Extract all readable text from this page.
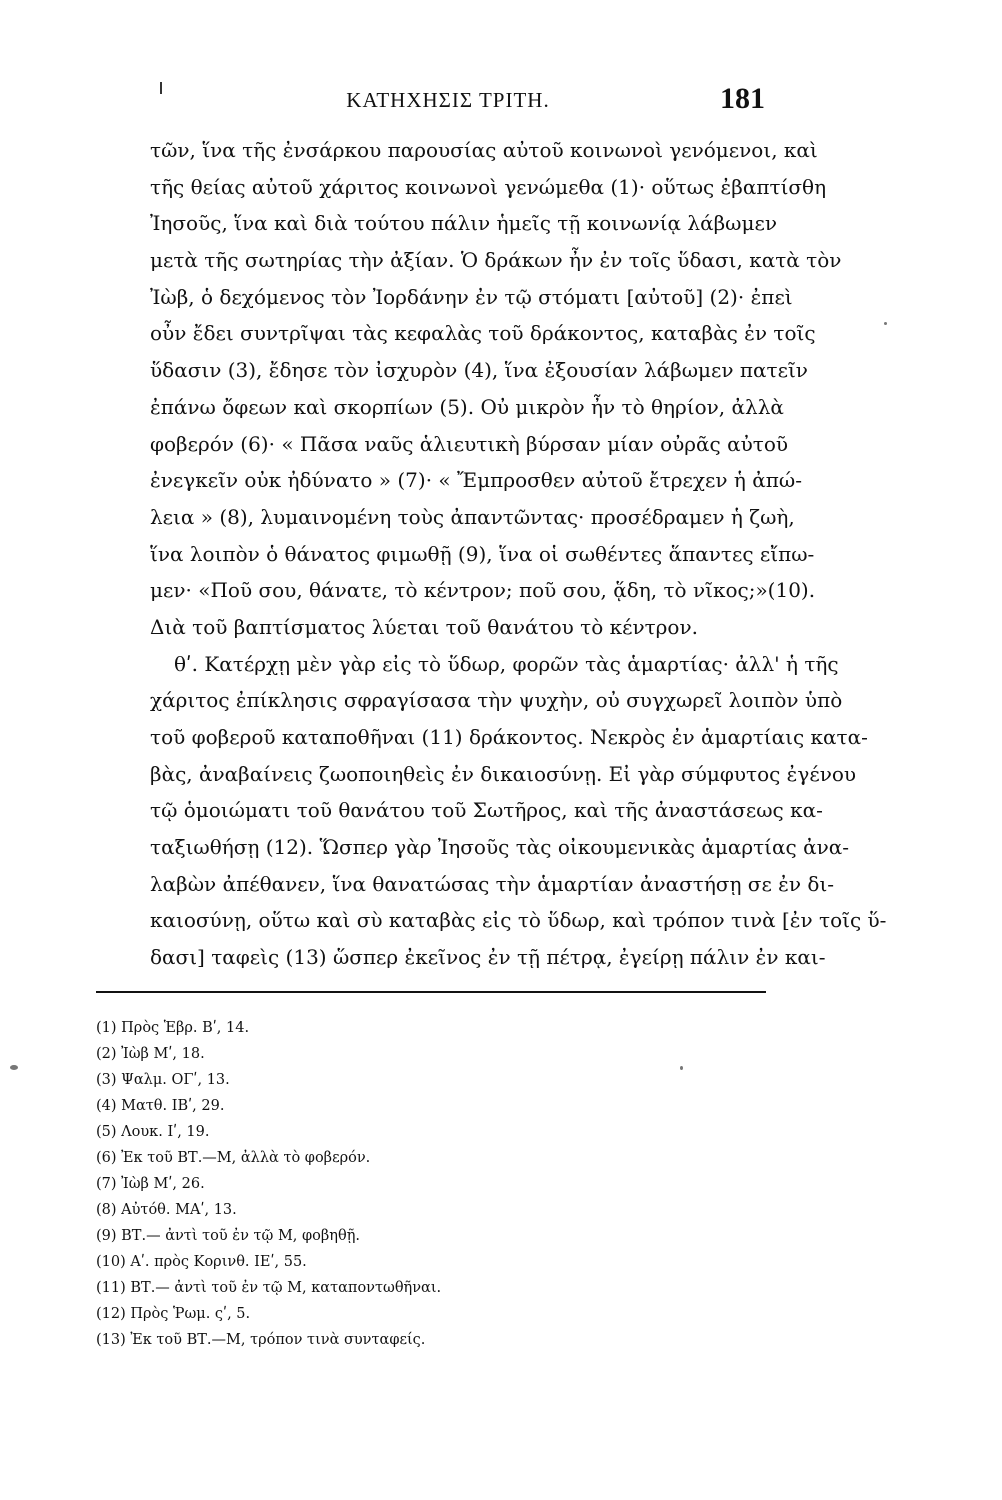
ΚΑΤΗΧΗΣΙΣ ΤΡΙΤΗ.	181
τῶν, ἵνα τῆς ἐνσάρκου παρουσίας αὐτοῦ κοινωνοὶ γενόμενοι, καὶ
τῆς θείας αὐτοῦ χάριτος κοινωνοὶ γενώμεθα (1)· οὕτως ἐβαπτίσθη
Ἰησοῦς, ἵνα καὶ διὰ τούτου πάλιν ἡμεῖς τῇ κοινωνίᾳ λάβωμεν
μετὰ τῆς σωτηρίας τὴν ἀξίαν. Ὁ δράκων ἦν ἐν τοῖς ὕδασι, κατὰ τὸν
Ἰὼβ, ὁ δεχόμενος τὸν Ἰορδάνην ἐν τῷ στόματι [αὐτοῦ] (2)· ἐπεὶ
οὖν ἔδει συντρῖψαι τὰς κεφαλὰς τοῦ δράκοντος, καταβὰς ἐν τοῖς
ὕδασιν (3), ἔδησε τὸν ἰσχυρὸν (4), ἵνα ἐξουσίαν λάβωμεν πατεῖν
ἐπάνω ὄφεων καὶ σκορπίων (5). Οὐ μικρὸν ἦν τὸ θηρίον, ἀλλὰ
φοβερόν (6)· « Πᾶσα ναῦς ἁλιευτικὴ βύρσαν μίαν οὐρᾶς αὐτοῦ
ἐνεγκεῖν οὐκ ἠδύνατο » (7)· « Ἔμπροσθεν αὐτοῦ ἔτρεχεν ἡ ἀπώ-
λεια » (8), λυμαινομένη τοὺς ἀπαντῶντας· προσέδραμεν ἡ ζωὴ,
ἵνα λοιπὸν ὁ θάνατος φιμωθῇ (9), ἵνα οἱ σωθέντες ἅπαντες εἴπω-
μεν· «Ποῦ σου, θάνατε, τὸ κέντρον; ποῦ σου, ᾅδη, τὸ νῖκος;»(10).
Διὰ τοῦ βαπτίσματος λύεται τοῦ θανάτου τὸ κέντρον.
θʹ. Κατέρχῃ μὲν γὰρ εἰς τὸ ὕδωρ, φορῶν τὰς ἁμαρτίας· ἀλλ' ἡ τῆς
χάριτος ἐπίκλησις σφραγίσασα τὴν ψυχὴν, οὐ συγχωρεῖ λοιπὸν ὑπὸ
τοῦ φοβεροῦ καταποθῆναι (11) δράκοντος. Νεκρὸς ἐν ἁμαρτίαις κατα-
βὰς, ἀναβαίνεις ζωοποιηθεὶς ἐν δικαιοσύνῃ. Εἰ γὰρ σύμφυτος ἐγένου
τῷ ὁμοιώματι τοῦ θανάτου τοῦ Σωτῆρος, καὶ τῆς ἀναστάσεως κα-
ταξιωθήσῃ (12). Ὥσπερ γὰρ Ἰησοῦς τὰς οἰκουμενικὰς ἁμαρτίας ἀνα-
λαβὼν ἀπέθανεν, ἵνα θανατώσας τὴν ἁμαρτίαν ἀναστήσῃ σε ἐν δι-
καιοσύνῃ, οὕτω καὶ σὺ καταβὰς εἰς τὸ ὕδωρ, καὶ τρόπον τινὰ [ἐν τοῖς ὕ-
δασι] ταφεὶς (13) ὥσπερ ἐκεῖνος ἐν τῇ πέτρᾳ, ἐγείρῃ πάλιν ἐν και-
(1) Πρὸς Ἑβρ. Βʹ, 14.
(2) Ἰὼβ Μʹ, 18.
(3) Ψαλμ. ΟΓʹ, 13.
(4) Ματθ. ΙΒʹ, 29.
(5) Λουκ. Ιʹ, 19.
(6) Ἐκ τοῦ ΒΤ.—Μ, ἀλλὰ τὸ φοβερόν.
(7) Ἰὼβ Μʹ, 26.
(8) Αὐτόθ. ΜΑʹ, 13.
(9) ΒΤ.— ἀντὶ τοῦ ἐν τῷ Μ, φοβηθῇ.
(10) Αʹ. πρὸς Κορινθ. ΙΕʹ, 55.
(11) ΒΤ.— ἀντὶ τοῦ ἐν τῷ Μ, καταποντωθῆναι.
(12) Πρὸς Ῥωμ. ςʹ, 5.
(13) Ἐκ τοῦ ΒΤ.—Μ, τρόπον τινὰ συνταφείς.
